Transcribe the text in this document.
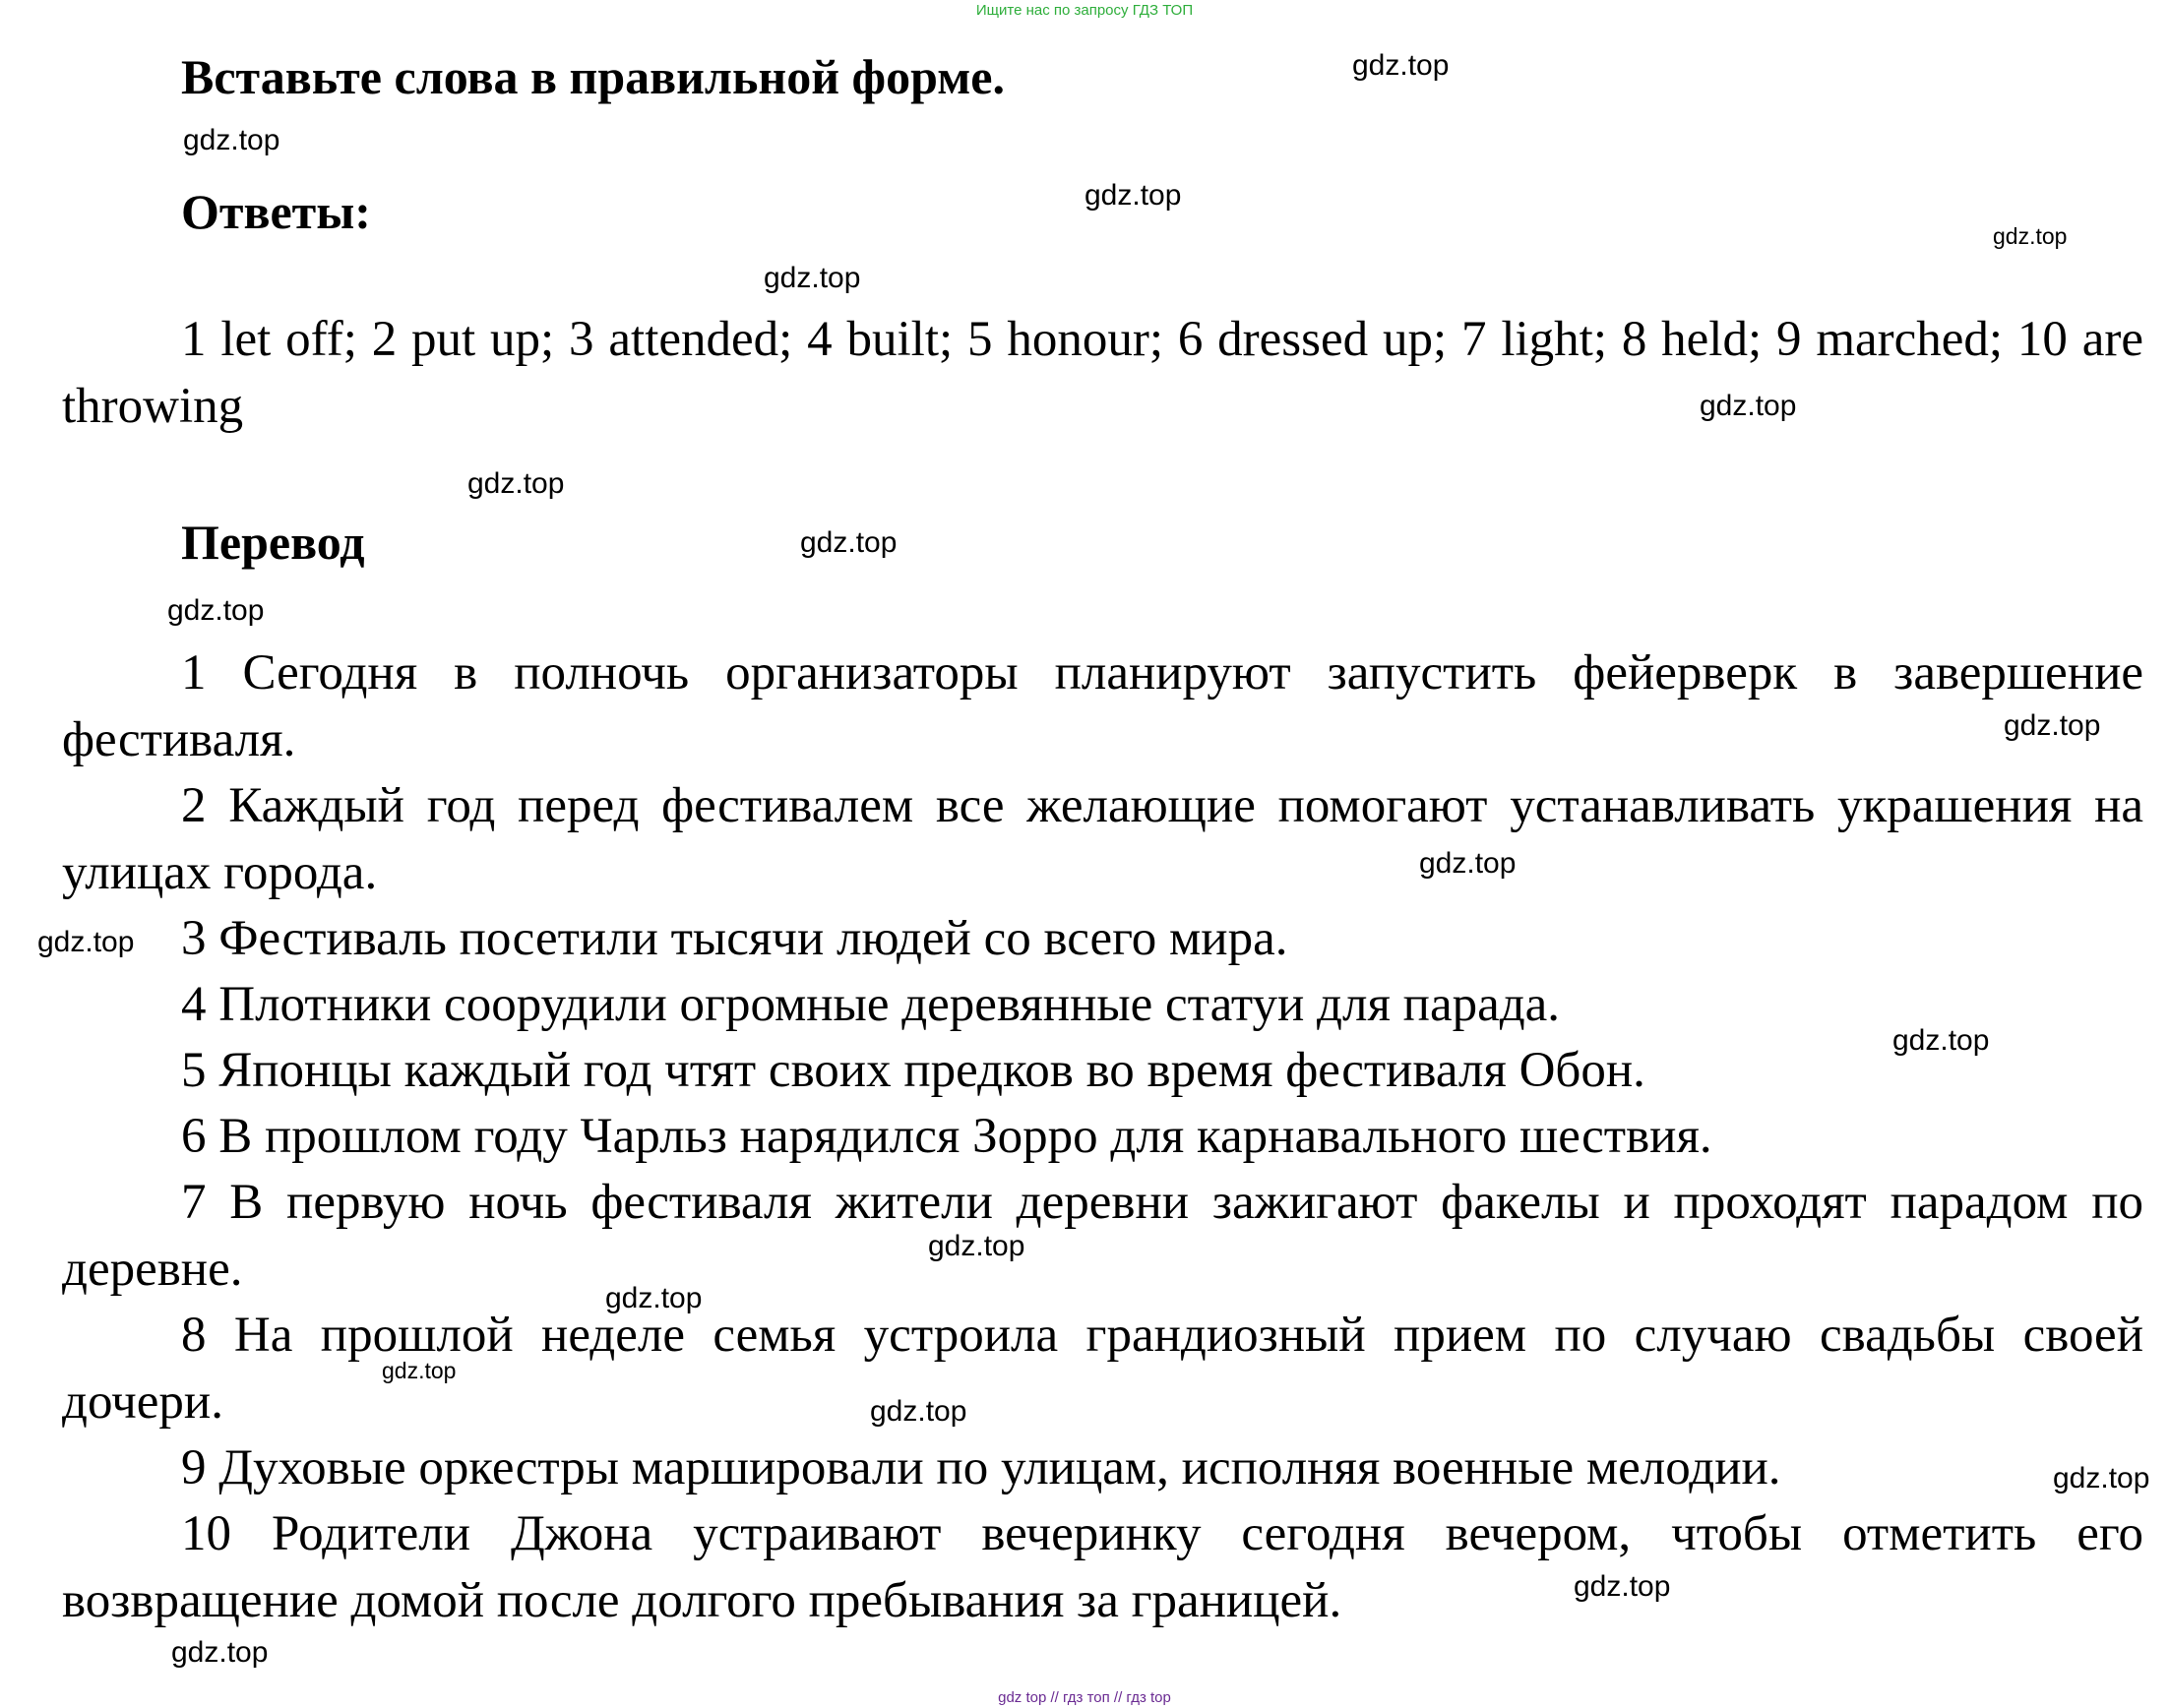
Ищите нас по запросу ГДЗ ТОП
Вставьте слова в правильной форме.
Ответы:
1 let off; 2 put up; 3 attended; 4 built; 5 honour; 6 dressed up; 7 light; 8 held; 9 marched; 10 are throwing
Перевод
1 Сегодня в полночь организаторы планируют запустить фейерверк в завершение фестиваля.
2 Каждый год перед фестивалем все желающие помогают устанавливать украшения на улицах города.
3 Фестиваль посетили тысячи людей со всего мира.
4 Плотники соорудили огромные деревянные статуи для парада.
5 Японцы каждый год чтят своих предков во время фестиваля Обон.
6 В прошлом году Чарльз нарядился Зорро для карнавального шествия.
7 В первую ночь фестиваля жители деревни зажигают факелы и проходят парадом по деревне.
8 На прошлой неделе семья устроила грандиозный прием по случаю свадьбы своей дочери.
9 Духовые оркестры маршировали по улицам, исполняя военные мелодии.
10 Родители Джона устраивают вечеринку сегодня вечером, чтобы отметить его возвращение домой после долгого пребывания за границей.
gdz.top
gdz.top
gdz.top
gdz.top
gdz.top
gdz.top
gdz.top
gdz.top
gdz.top
gdz.top
gdz.top
gdz.top
gdz.top
gdz.top
gdz.top
gdz.top
gdz.top
gdz.top
gdz.top
gdz.top
gdz top // гдз топ // гдз top
